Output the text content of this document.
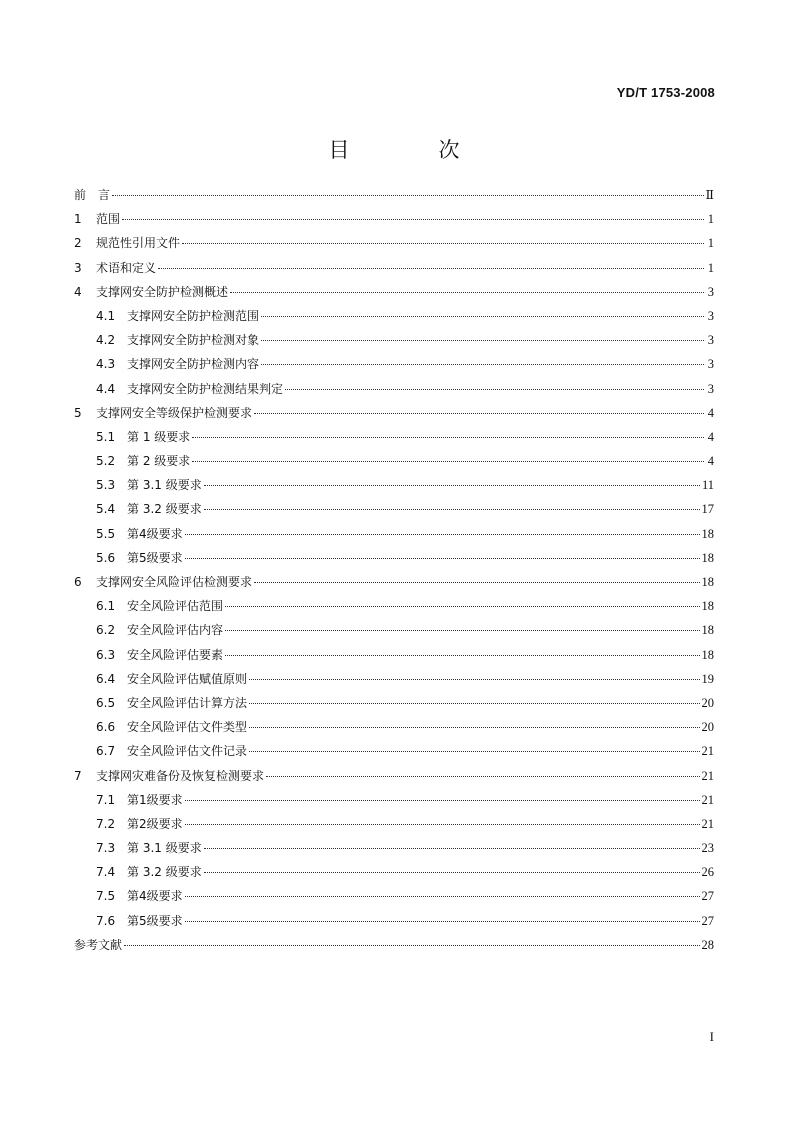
YD/T 1753-2008
目　次
前　言	Ⅱ
1	范围	1
2	规范性引用文件	1
3	术语和定义	1
4	支撑网安全防护检测概述	3
4.1 支撑网安全防护检测范围	3
4.2 支撑网安全防护检测对象	3
4.3 支撑网安全防护检测内容	3
4.4 支撑网安全防护检测结果判定	3
5	支撑网安全等级保护检测要求	4
5.1 第 1 级要求	4
5.2 第 2 级要求	4
5.3 第 3.1 级要求	11
5.4 第 3.2 级要求	17
5.5 第4级要求	18
5.6 第5级要求	18
6	支撑网安全风险评估检测要求	18
6.1 安全风险评估范围	18
6.2 安全风险评估内容	18
6.3 安全风险评估要素	18
6.4 安全风险评估赋值原则	19
6.5 安全风险评估计算方法	20
6.6 安全风险评估文件类型	20
6.7 安全风险评估文件记录	21
7	支撑网灾难备份及恢复检测要求	21
7.1 第1级要求	21
7.2 第2级要求	21
7.3 第 3.1 级要求	23
7.4 第 3.2 级要求	26
7.5 第4级要求	27
7.6 第5级要求	27
参考文献	28
I
